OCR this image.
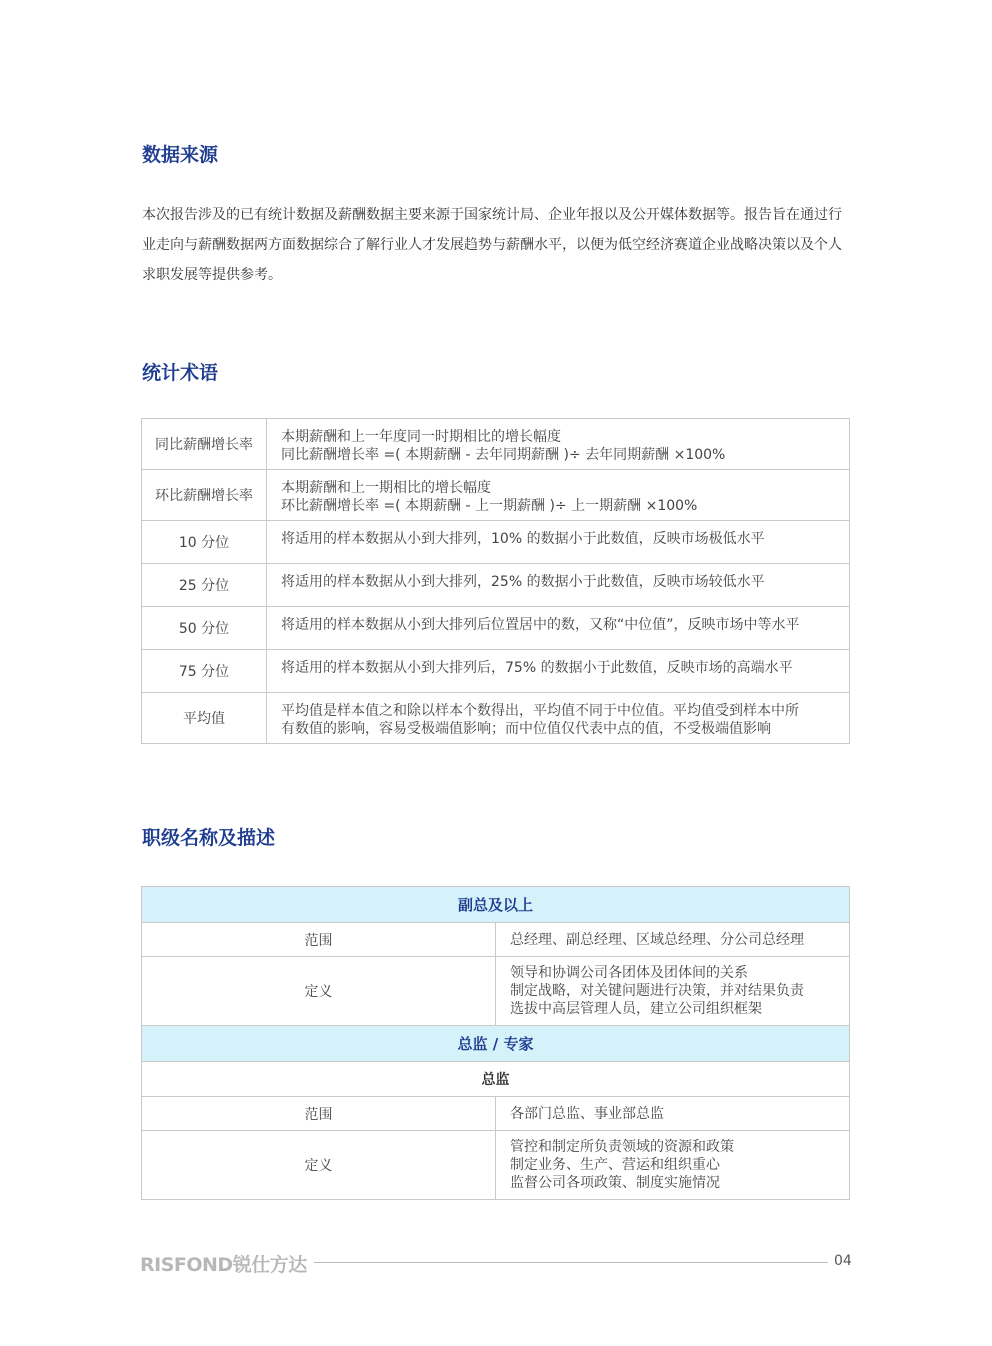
数据来源

本次报告涉及的已有统计数据及薪酬数据主要来源于国家统计局、企业年报以及公开媒体数据等。报告旨在通过行业走向与薪酬数据两方面数据综合了解行业人才发展趋势与薪酬水平，以便为低空经济赛道企业战略决策以及个人求职发展等提供参考。

统计术语
同比薪酬增长率	本期薪酬和上一年度同一时期相比的增长幅度
同比薪酬增长率 =( 本期薪酬 - 去年同期薪酬 )÷ 去年同期薪酬 ×100%

环比薪酬增长率	本期薪酬和上一期相比的增长幅度
环比薪酬增长率 =( 本期薪酬 - 上一期薪酬 )÷ 上一期薪酬 ×100%

10 分位	将适用的样本数据从小到大排列，10% 的数据小于此数值，反映市场极低水平

25 分位	将适用的样本数据从小到大排列，25% 的数据小于此数值，反映市场较低水平

50 分位	将适用的样本数据从小到大排列后位置居中的数，又称“中位值”，反映市场中等水平

75 分位	将适用的样本数据从小到大排列后，75% 的数据小于此数值，反映市场的高端水平

平均值	平均值是样本值之和除以样本个数得出，平均值不同于中位值。平均值受到样本中所
有数值的影响，容易受极端值影响；而中位值仅代表中点的值，不受极端值影响
职级名称及描述
副总及以上	
范围	总经理、副总经理、区域总经理、分公司总经理
定义	领导和协调公司各团体及团体间的关系
制定战略，对关键问题进行决策，并对结果负责
选拔中高层管理人员，建立公司组织框架

总监 / 专家	
总监	
范围	各部门总监、事业部总监
定义	管控和制定所负责领域的资源和政策
制定业务、生产、营运和组织重心
监督公司各项政策、制度实施情况
RISFOND锐仕方达	04
